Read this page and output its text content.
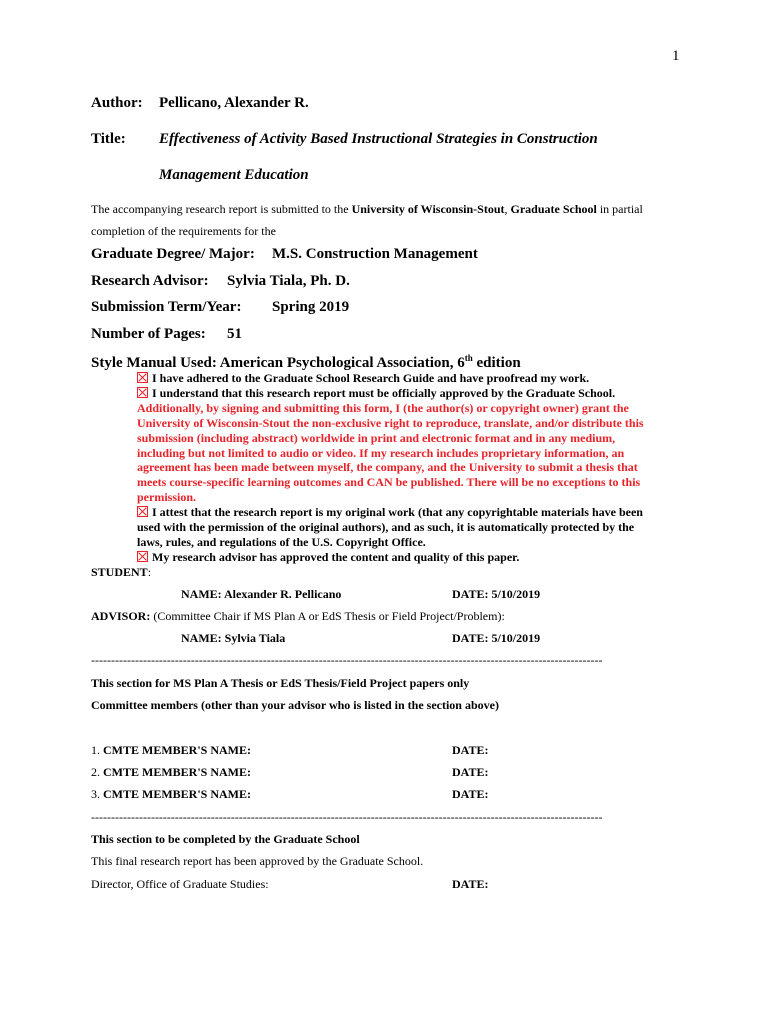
1
Author: Pellicano, Alexander R.
Title: Effectiveness of Activity Based Instructional Strategies in Construction
Management Education
The accompanying research report is submitted to the University of Wisconsin-Stout, Graduate School in partial
completion of the requirements for the
Graduate Degree/ Major: M.S. Construction Management
Research Advisor: Sylvia Tiala, Ph. D.
Submission Term/Year: Spring 2019
Number of Pages: 51
Style Manual Used: American Psychological Association, 6th edition
I have adhered to the Graduate School Research Guide and have proofread my work.
I understand that this research report must be officially approved by the Graduate School.
Additionally, by signing and submitting this form, I (the author(s) or copyright owner) grant the
University of Wisconsin-Stout the non-exclusive right to reproduce, translate, and/or distribute this
submission (including abstract) worldwide in print and electronic format and in any medium,
including but not limited to audio or video. If my research includes proprietary information, an
agreement has been made between myself, the company, and the University to submit a thesis that
meets course-specific learning outcomes and CAN be published. There will be no exceptions to this
permission.
I attest that the research report is my original work (that any copyrightable materials have been
used with the permission of the original authors), and as such, it is automatically protected by the
laws, rules, and regulations of the U.S. Copyright Office.
My research advisor has approved the content and quality of this paper.
STUDENT:
NAME: Alexander R. Pellicano	DATE: 5/10/2019
ADVISOR: (Committee Chair if MS Plan A or EdS Thesis or Field Project/Problem):
NAME: Sylvia Tiala	DATE: 5/10/2019
--------------------------------------------------------------------------------------------------------------------------------
This section for MS Plan A Thesis or EdS Thesis/Field Project papers only
Committee members (other than your advisor who is listed in the section above)
1. CMTE MEMBER'S NAME:	DATE:
2. CMTE MEMBER'S NAME:	DATE:
3. CMTE MEMBER'S NAME:	DATE:
--------------------------------------------------------------------------------------------------------------------------------
This section to be completed by the Graduate School
This final research report has been approved by the Graduate School.
Director, Office of Graduate Studies:	DATE:
